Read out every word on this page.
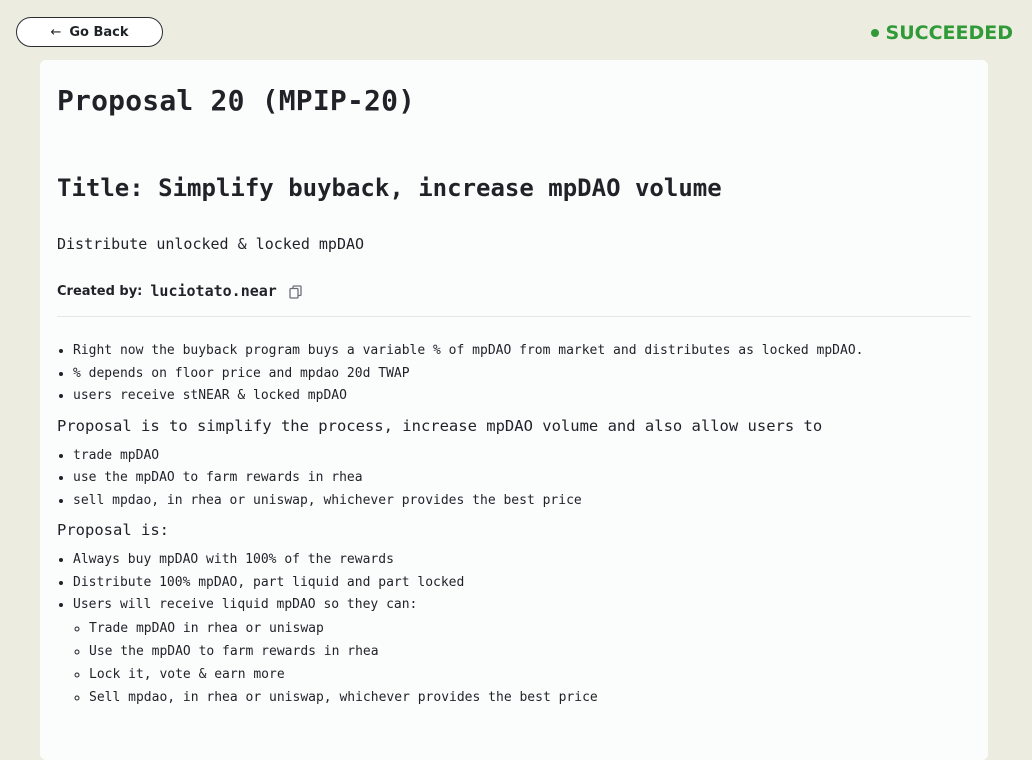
← Go Back	SUCCEEDED
Proposal 20 (MPIP-20)
Title: Simplify buyback, increase mpDAO volume

Distribute unlocked & locked mpDAO

Created by: luciotato.near
• Right now the buyback program buys a variable % of mpDAO from market and distributes as locked mpDAO.
• % depends on floor price and mpdao 20d TWAP
• users receive stNEAR & locked mpDAO

Proposal is to simplify the process, increase mpDAO volume and also allow users to

• trade mpDAO
• use the mpDAO to farm rewards in rhea
• sell mpdao, in rhea or uniswap, whichever provides the best price

Proposal is:

• Always buy mpDAO with 100% of the rewards
• Distribute 100% mpDAO, part liquid and part locked
• Users will receive liquid mpDAO so they can:
◦ Trade mpDAO in rhea or uniswap
◦ Use the mpDAO to farm rewards in rhea
◦ Lock it, vote & earn more
◦ Sell mpdao, in rhea or uniswap, whichever provides the best price
